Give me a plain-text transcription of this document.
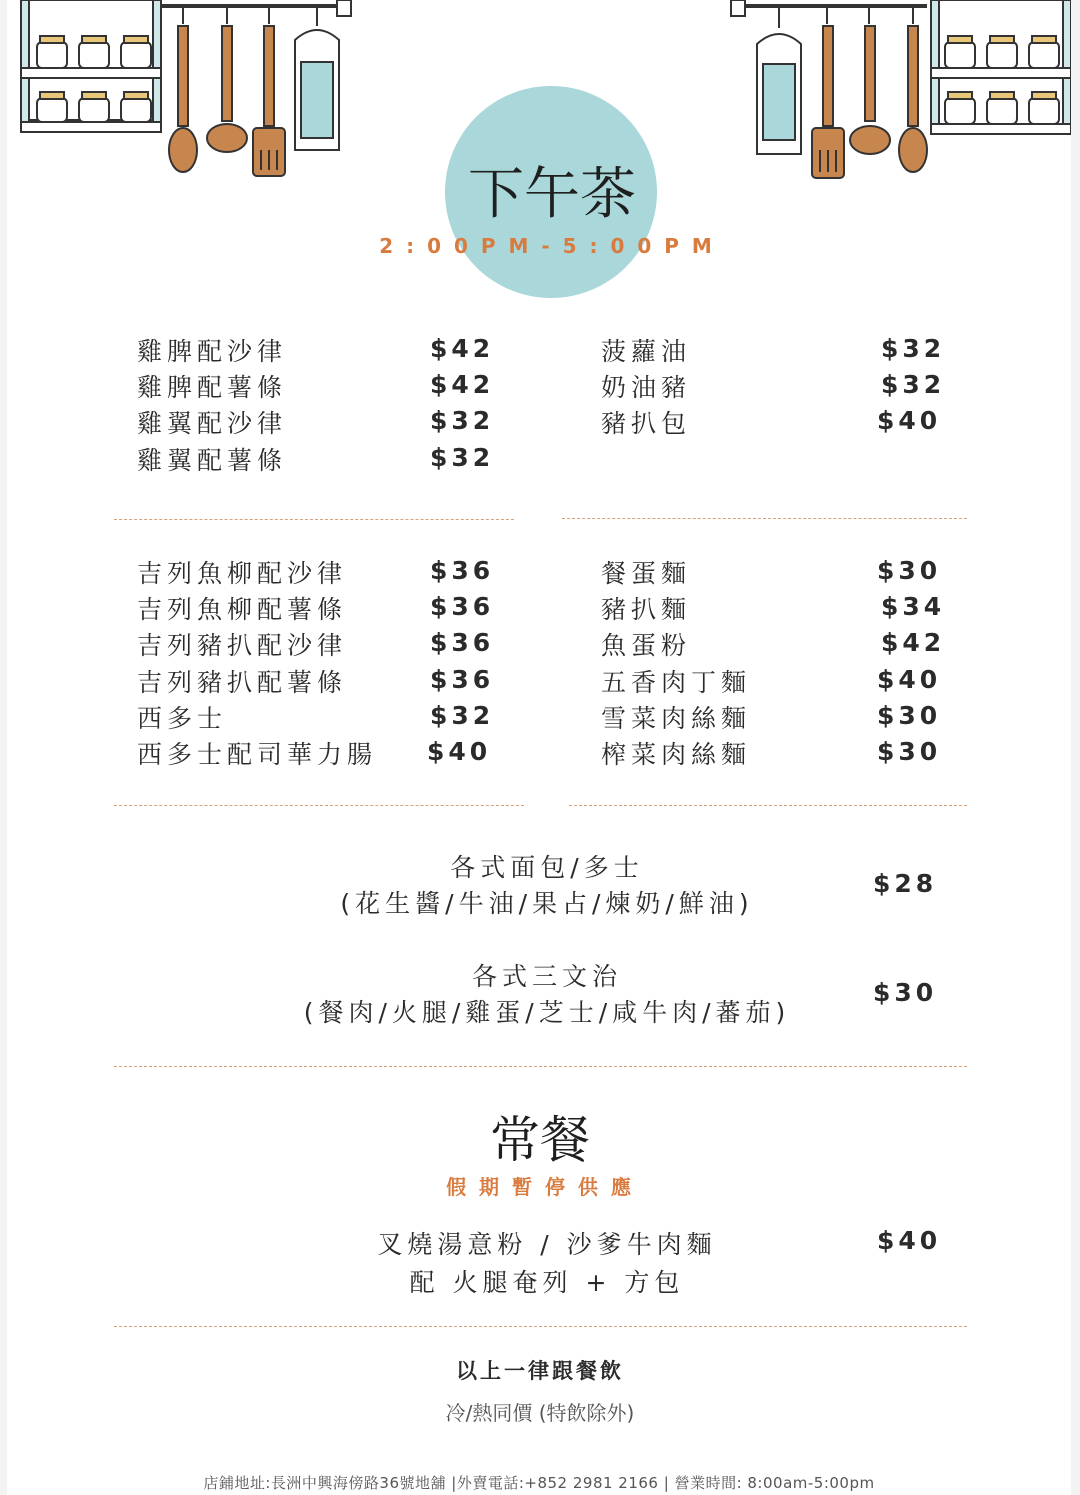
下午茶
2 : 0 0 P M - 5 : 0 0 P M
雞脾配沙律	$42
雞脾配薯條	$42
雞翼配沙律	$32
雞翼配薯條	$32
菠蘿油	$32
奶油豬	$32
豬扒包	$40
吉列魚柳配沙律	$36
吉列魚柳配薯條	$36
吉列豬扒配沙律	$36
吉列豬扒配薯條	$36
西多士	$32
西多士配司華力腸 $40
餐蛋麵	$30
豬扒麵	$34
魚蛋粉	$42
五香肉丁麵	$40
雪菜肉絲麵	$30
榨菜肉絲麵	$30
各式面包/多士
(花生醬/牛油/果占/煉奶/鮮油)
$28
各式三文治
(餐肉/火腿/雞蛋/芝士/咸牛肉/蕃茄)
$30
常餐
假 期 暫 停 供 應
叉燒湯意粉 / 沙爹牛肉麵
配 火腿奄列 + 方包
$40
以上一律跟餐飲
冷/熱同價 (特飲除外)
店鋪地址:長洲中興海傍路36號地舖 |外賣電話:+852 2981 2166 | 營業時間: 8:00am-5:00pm
